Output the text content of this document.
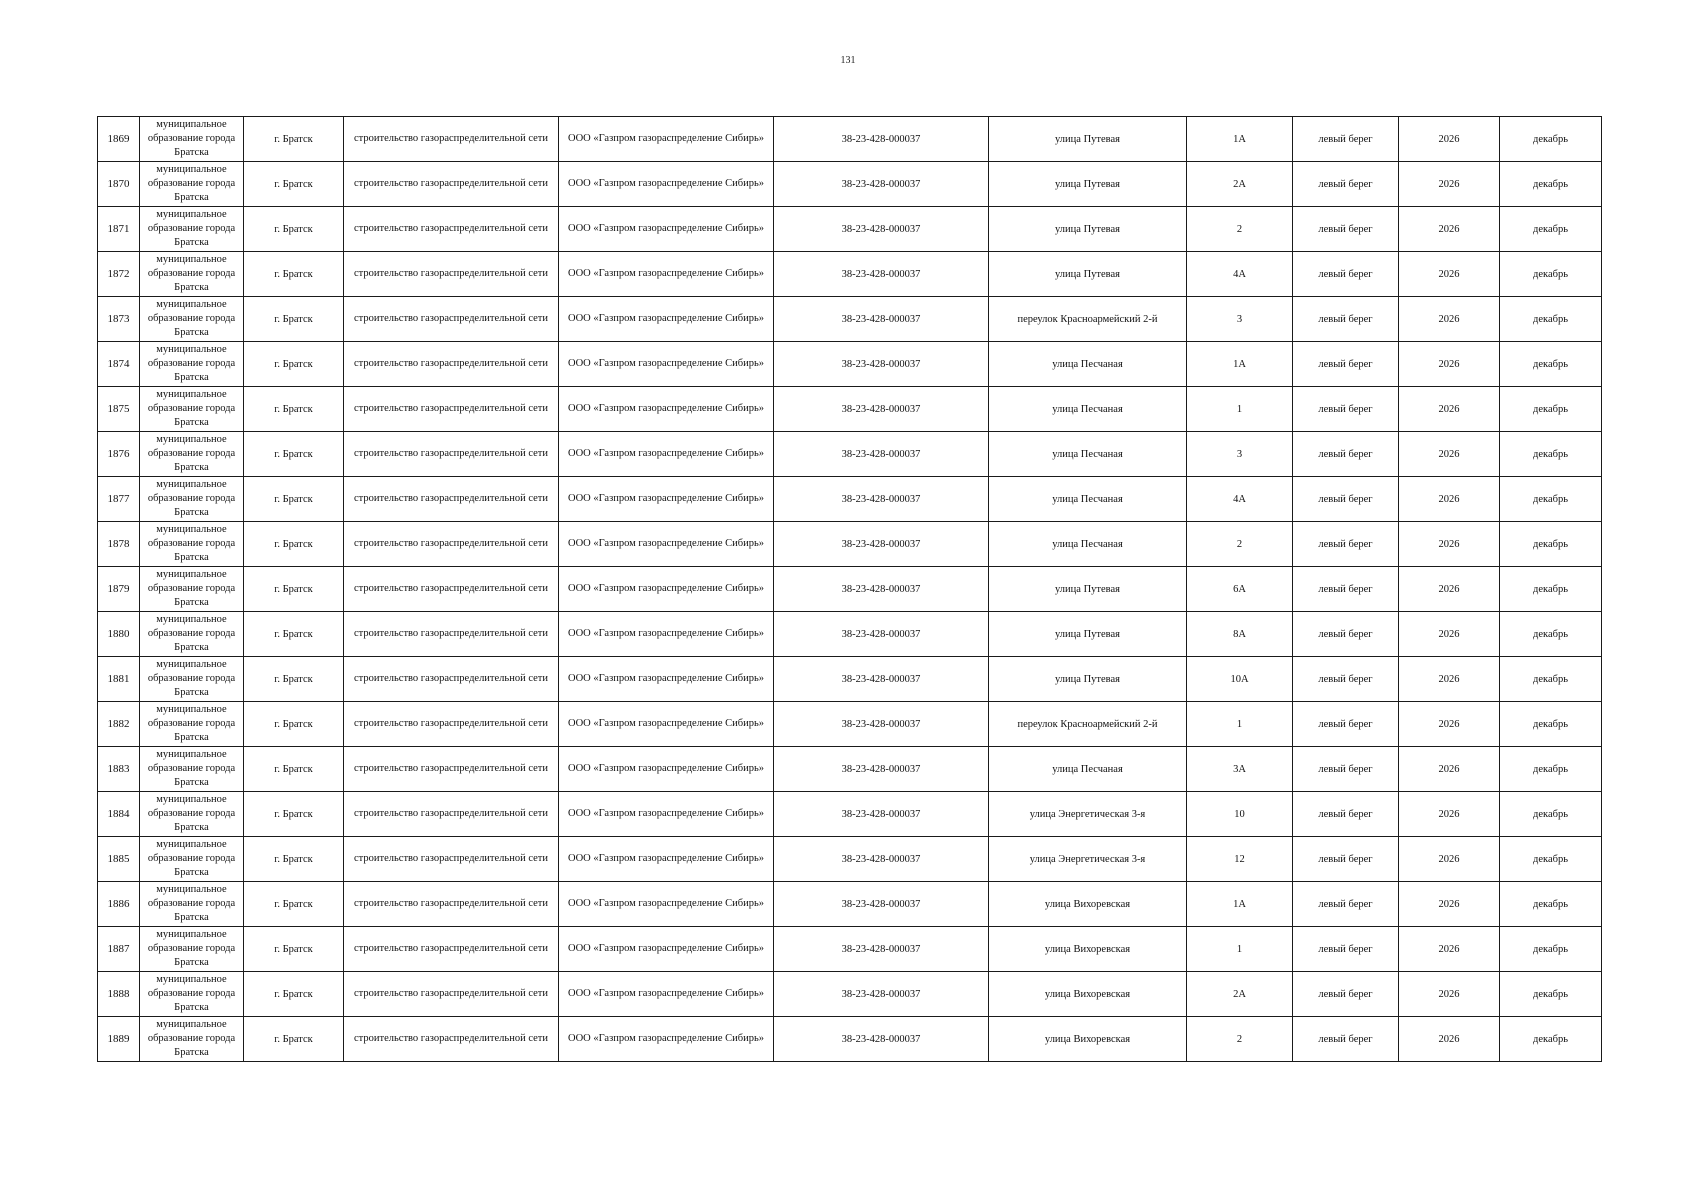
131
1869	муниципальное образование города Братска	г. Братск	строительство газораспределительной сети	ООО «Газпром газораспределение Сибирь»	38-23-428-000037	улица Путевая	1А	левый берег	2026	декабрь
1870	муниципальное образование города Братска	г. Братск	строительство газораспределительной сети	ООО «Газпром газораспределение Сибирь»	38-23-428-000037	улица Путевая	2А	левый берег	2026	декабрь
1871	муниципальное образование города Братска	г. Братск	строительство газораспределительной сети	ООО «Газпром газораспределение Сибирь»	38-23-428-000037	улица Путевая	2	левый берег	2026	декабрь
1872	муниципальное образование города Братска	г. Братск	строительство газораспределительной сети	ООО «Газпром газораспределение Сибирь»	38-23-428-000037	улица Путевая	4А	левый берег	2026	декабрь
1873	муниципальное образование города Братска	г. Братск	строительство газораспределительной сети	ООО «Газпром газораспределение Сибирь»	38-23-428-000037	переулок Красноармейский 2-й	3	левый берег	2026	декабрь
1874	муниципальное образование города Братска	г. Братск	строительство газораспределительной сети	ООО «Газпром газораспределение Сибирь»	38-23-428-000037	улица Песчаная	1А	левый берег	2026	декабрь
1875	муниципальное образование города Братска	г. Братск	строительство газораспределительной сети	ООО «Газпром газораспределение Сибирь»	38-23-428-000037	улица Песчаная	1	левый берег	2026	декабрь
1876	муниципальное образование города Братска	г. Братск	строительство газораспределительной сети	ООО «Газпром газораспределение Сибирь»	38-23-428-000037	улица Песчаная	3	левый берег	2026	декабрь
1877	муниципальное образование города Братска	г. Братск	строительство газораспределительной сети	ООО «Газпром газораспределение Сибирь»	38-23-428-000037	улица Песчаная	4А	левый берег	2026	декабрь
1878	муниципальное образование города Братска	г. Братск	строительство газораспределительной сети	ООО «Газпром газораспределение Сибирь»	38-23-428-000037	улица Песчаная	2	левый берег	2026	декабрь
1879	муниципальное образование города Братска	г. Братск	строительство газораспределительной сети	ООО «Газпром газораспределение Сибирь»	38-23-428-000037	улица Путевая	6А	левый берег	2026	декабрь
1880	муниципальное образование города Братска	г. Братск	строительство газораспределительной сети	ООО «Газпром газораспределение Сибирь»	38-23-428-000037	улица Путевая	8А	левый берег	2026	декабрь
1881	муниципальное образование города Братска	г. Братск	строительство газораспределительной сети	ООО «Газпром газораспределение Сибирь»	38-23-428-000037	улица Путевая	10А	левый берег	2026	декабрь
1882	муниципальное образование города Братска	г. Братск	строительство газораспределительной сети	ООО «Газпром газораспределение Сибирь»	38-23-428-000037	переулок Красноармейский 2-й	1	левый берег	2026	декабрь
1883	муниципальное образование города Братска	г. Братск	строительство газораспределительной сети	ООО «Газпром газораспределение Сибирь»	38-23-428-000037	улица Песчаная	3А	левый берег	2026	декабрь
1884	муниципальное образование города Братска	г. Братск	строительство газораспределительной сети	ООО «Газпром газораспределение Сибирь»	38-23-428-000037	улица Энергетическая 3-я	10	левый берег	2026	декабрь
1885	муниципальное образование города Братска	г. Братск	строительство газораспределительной сети	ООО «Газпром газораспределение Сибирь»	38-23-428-000037	улица Энергетическая 3-я	12	левый берег	2026	декабрь
1886	муниципальное образование города Братска	г. Братск	строительство газораспределительной сети	ООО «Газпром газораспределение Сибирь»	38-23-428-000037	улица Вихоревская	1А	левый берег	2026	декабрь
1887	муниципальное образование города Братска	г. Братск	строительство газораспределительной сети	ООО «Газпром газораспределение Сибирь»	38-23-428-000037	улица Вихоревская	1	левый берег	2026	декабрь
1888	муниципальное образование города Братска	г. Братск	строительство газораспределительной сети	ООО «Газпром газораспределение Сибирь»	38-23-428-000037	улица Вихоревская	2А	левый берег	2026	декабрь
1889	муниципальное образование города Братска	г. Братск	строительство газораспределительной сети	ООО «Газпром газораспределение Сибирь»	38-23-428-000037	улица Вихоревская	2	левый берег	2026	декабрь
